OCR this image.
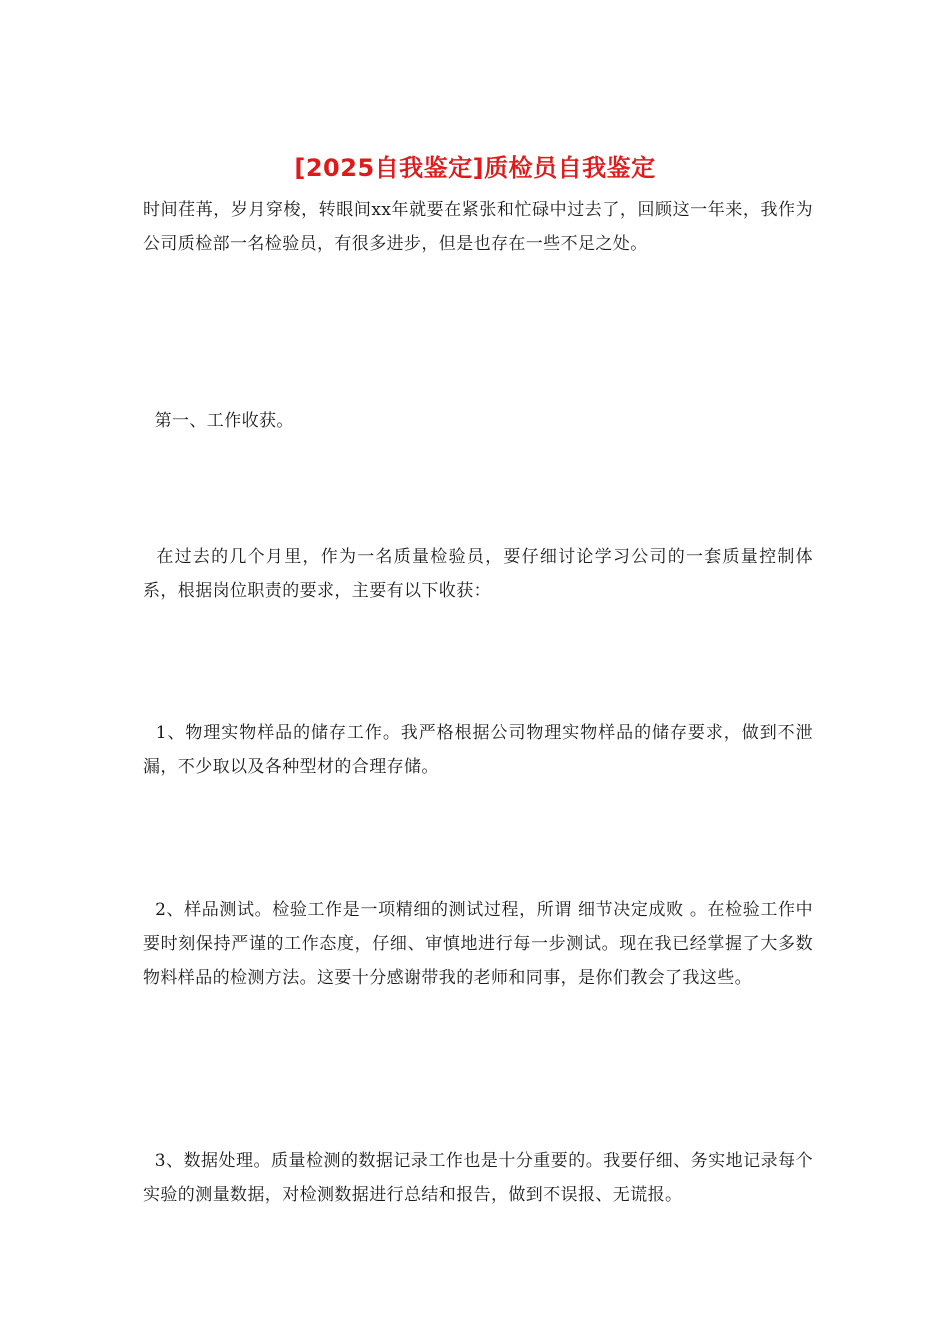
[2025自我鉴定]质检员自我鉴定
时间荏苒，岁月穿梭，转眼间xx年就要在紧张和忙碌中过去了，回顾这一年来，我作为公司质检部一名检验员，有很多进步，但是也存在一些不足之处。
第一、工作收获。
在过去的几个月里，作为一名质量检验员，要仔细讨论学习公司的一套质量控制体系，根据岗位职责的要求，主要有以下收获：
1、物理实物样品的储存工作。我严格根据公司物理实物样品的储存要求，做到不泄漏，不少取以及各种型材的合理存储。
2、样品测试。检验工作是一项精细的测试过程，所谓 细节决定成败 。在检验工作中要时刻保持严谨的工作态度，仔细、审慎地进行每一步测试。现在我已经掌握了大多数物料样品的检测方法。这要十分感谢带我的老师和同事，是你们教会了我这些。
3、数据处理。质量检测的数据记录工作也是十分重要的。我要仔细、务实地记录每个实验的测量数据，对检测数据进行总结和报告，做到不误报、无谎报。
